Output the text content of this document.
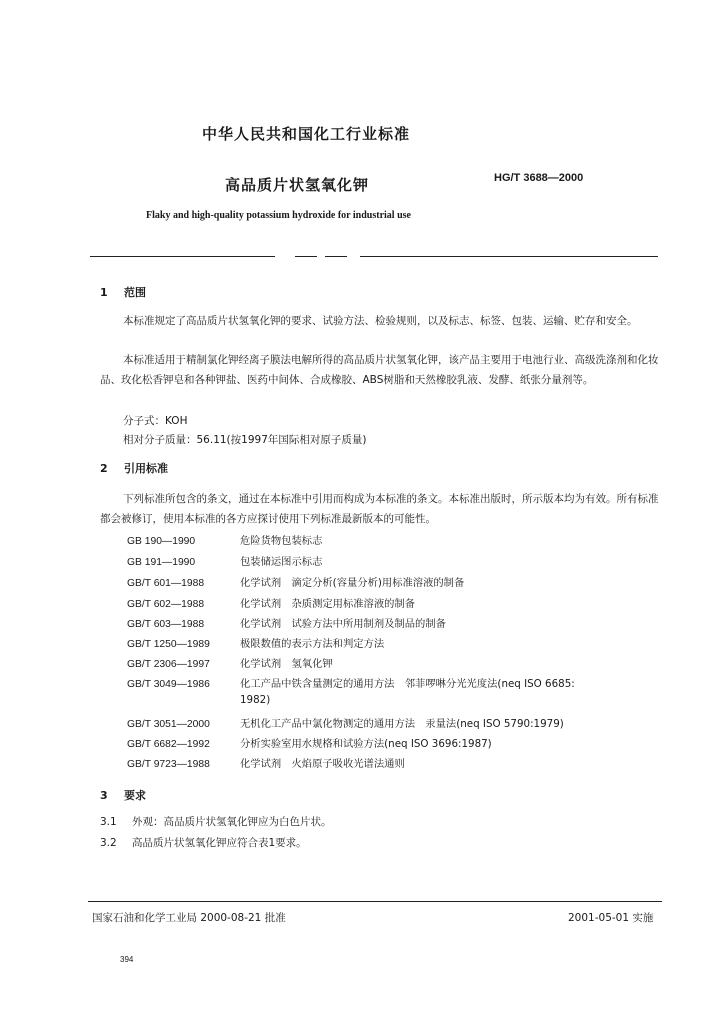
中华人民共和国化工行业标准
高品质片状氢氧化钾	HG/T 3688—2000
Flaky and high-quality potassium hydroxide for industrial use
1 范围
本标准规定了高品质片状氢氧化钾的要求、试验方法、检验规则，以及标志、标签、包装、运输、贮存和安全。
本标准适用于精制氯化钾经离子膜法电解所得的高品质片状氢氧化钾，该产品主要用于电池行业、高级洗涤剂和化妆品、玫化松香钾皂和各种钾盐、医药中间体、合成橡胶、ABS树脂和天然橡胶乳液、发酵、纸张分量剂等。
分子式：KOH
相对分子质量：56.11(按1997年国际相对原子质量)
2 引用标准
下列标准所包含的条文，通过在本标准中引用而构成为本标准的条文。本标准出版时，所示版本均为有效。所有标准都会被修订，使用本标准的各方应探讨使用下列标准最新版本的可能性。
GB 190—1990	危险货物包装标志
GB 191—1990	包装储运图示标志
GB/T 601—1988	化学试剂　滴定分析(容量分析)用标准溶液的制备
GB/T 602—1988	化学试剂　杂质测定用标准溶液的制备
GB/T 603—1988	化学试剂　试验方法中所用制剂及制品的制备
GB/T 1250—1989	极限数值的表示方法和判定方法
GB/T 2306—1997	化学试剂　氢氧化钾
GB/T 3049—1986	化工产品中铁含量测定的通用方法　邻菲啰啉分光光度法(neq ISO 6685:
1982)
GB/T 3051—2000	无机化工产品中氯化物测定的通用方法　汞量法(neq ISO 5790:1979)
GB/T 6682—1992	分析实验室用水规格和试验方法(neq ISO 3696:1987)
GB/T 9723—1988	化学试剂　火焰原子吸收光谱法通则
3 要求
3.1 外观：高品质片状氢氧化钾应为白色片状。
3.2 高品质片状氢氧化钾应符合表1要求。
国家石油和化学工业局 2000-08-21 批准	2001-05-01 实施
394
